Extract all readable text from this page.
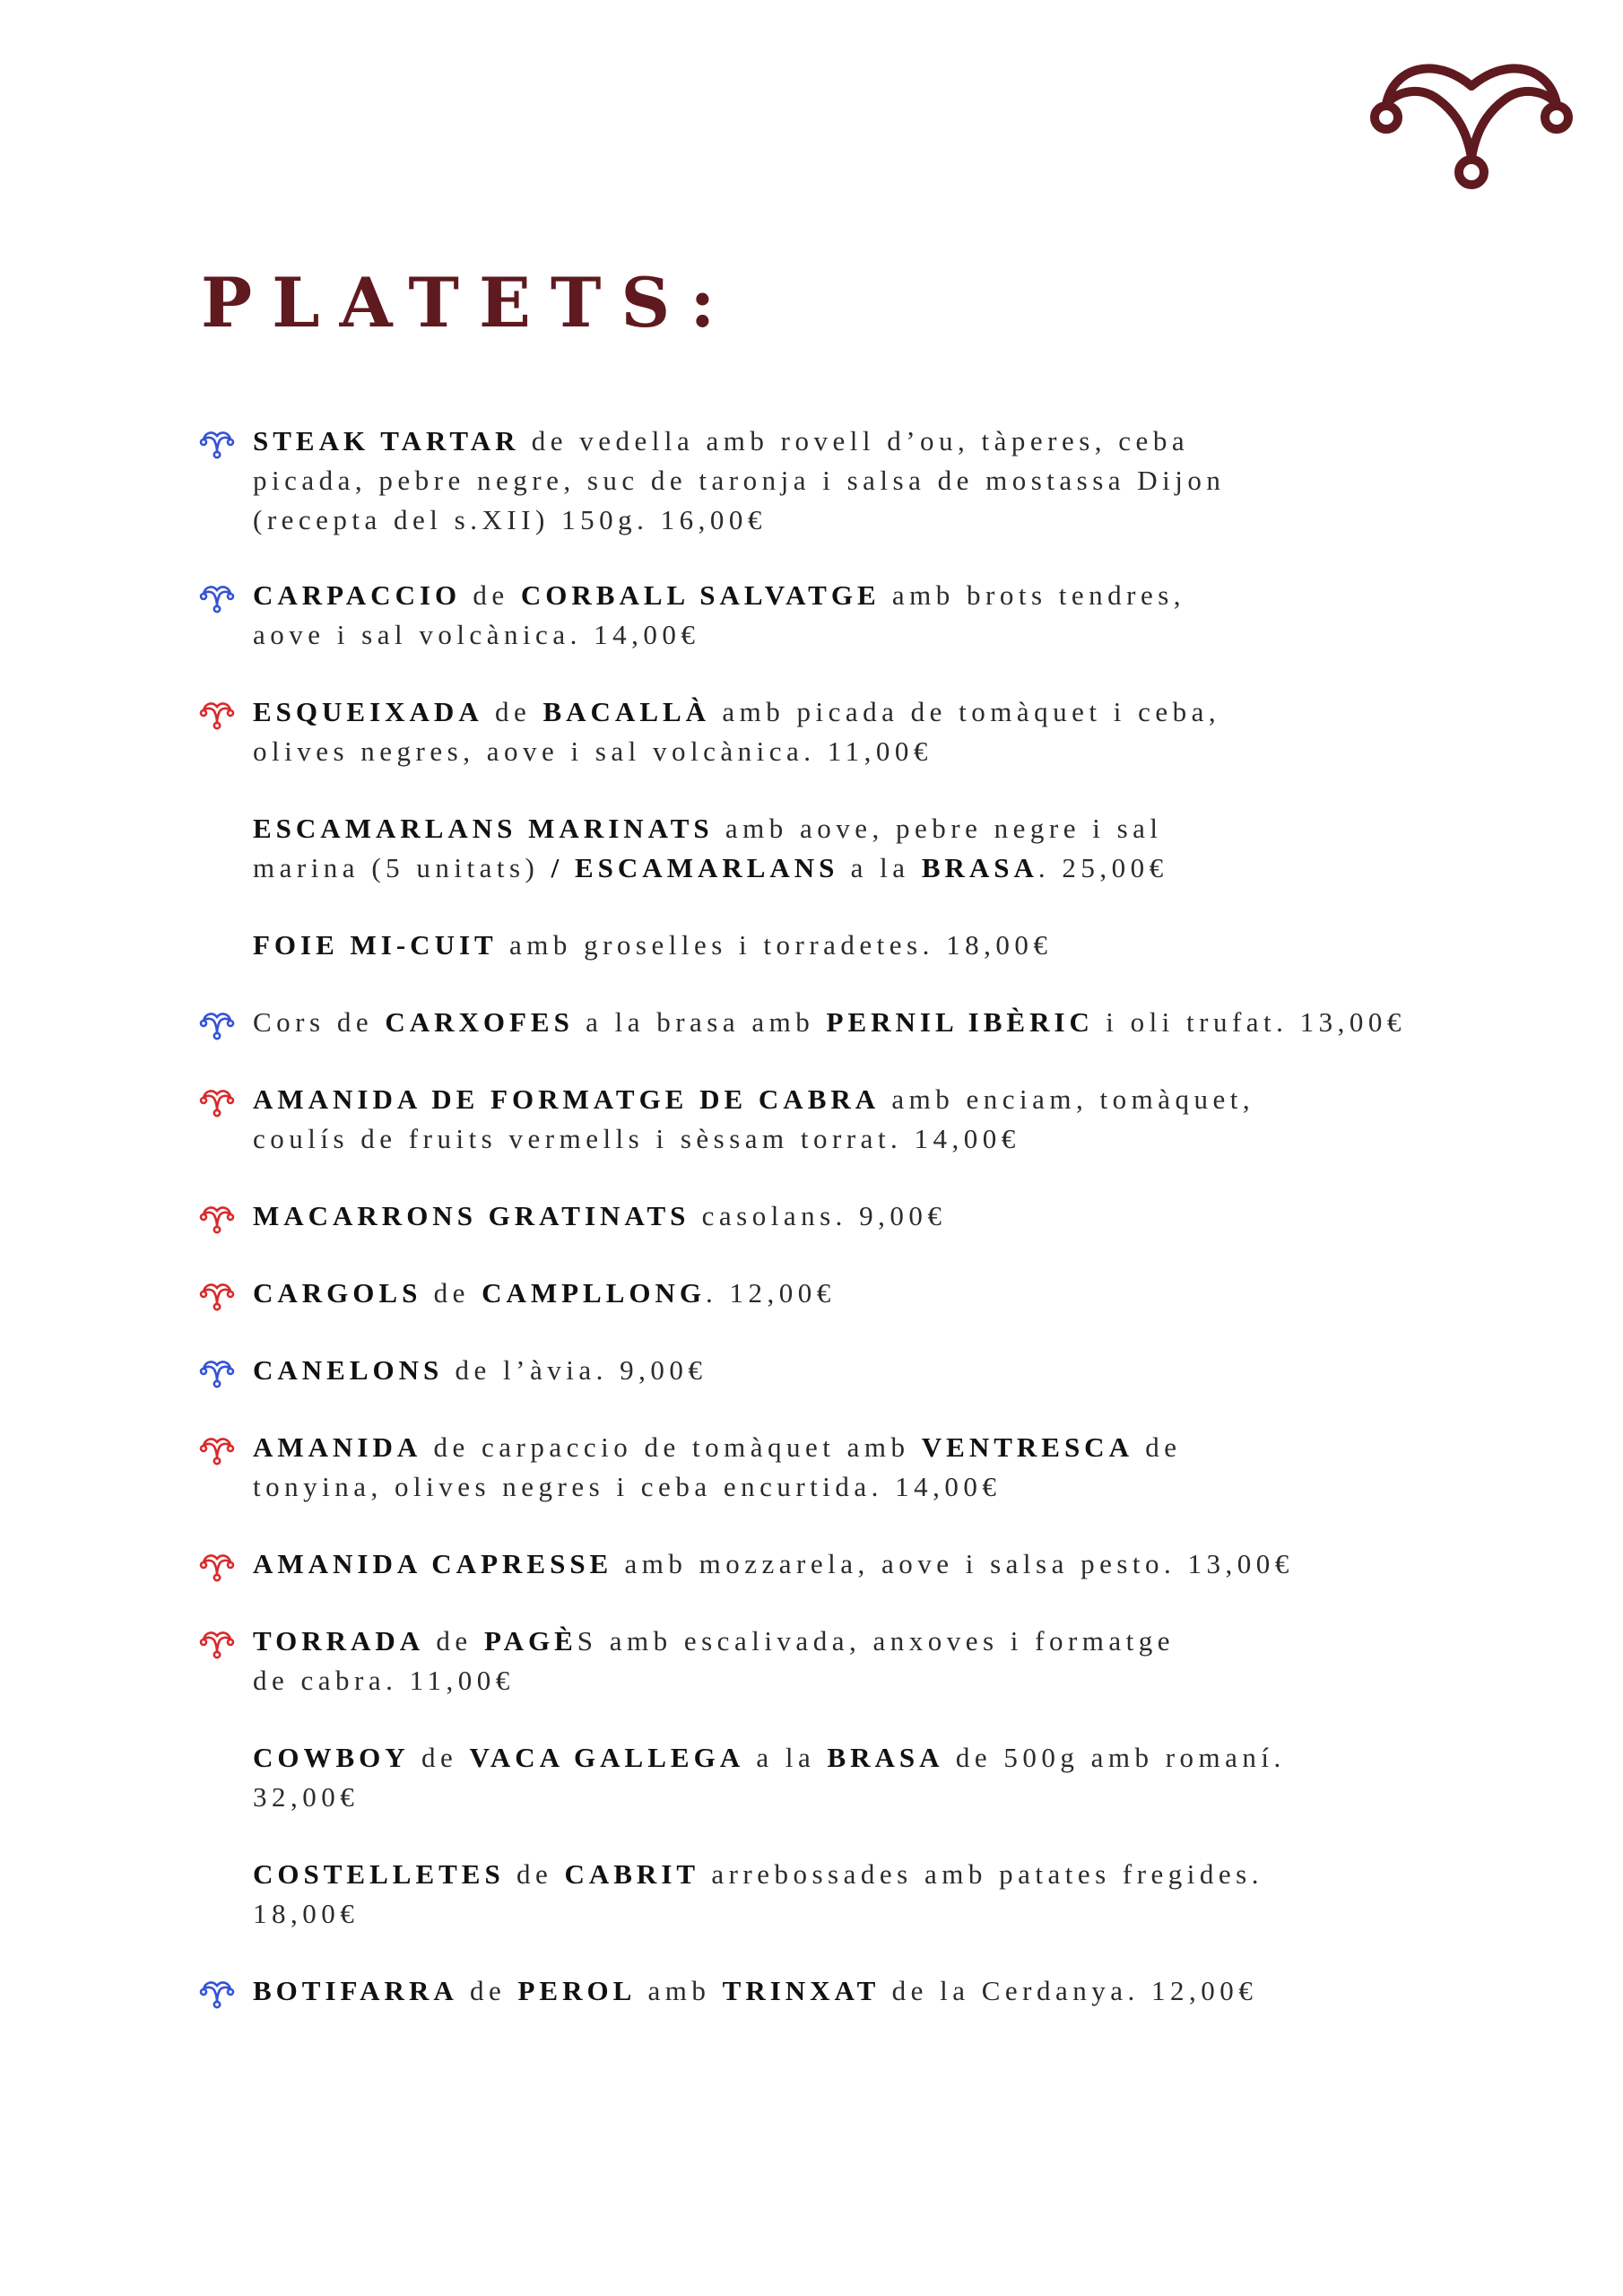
PLATETS:

STEAK TARTAR de vedella amb rovell d’ou, tàperes, ceba
picada, pebre negre, suc de taronja i salsa de mostassa Dijon
(recepta del s.XII) 150g. 16,00€

CARPACCIO de CORBALL SALVATGE amb brots tendres,
aove i sal volcànica. 14,00€

ESQUEIXADA de BACALLÀ amb picada de tomàquet i ceba,
olives negres, aove i sal volcànica. 11,00€

ESCAMARLANS MARINATS amb aove, pebre negre i sal
marina (5 unitats) / ESCAMARLANS a la BRASA. 25,00€

FOIE MI-CUIT amb groselles i torradetes. 18,00€

Cors de CARXOFES a la brasa amb PERNIL IBÈRIC i oli trufat. 13,00€

AMANIDA DE FORMATGE DE CABRA amb enciam, tomàquet,
coulís de fruits vermells i sèssam torrat. 14,00€

MACARRONS GRATINATS casolans. 9,00€

CARGOLS de CAMPLLONG. 12,00€

CANELONS de l’àvia. 9,00€

AMANIDA de carpaccio de tomàquet amb VENTRESCA de
tonyina, olives negres i ceba encurtida. 14,00€

AMANIDA CAPRESSE amb mozzarela, aove i salsa pesto. 13,00€

TORRADA de PAGÈS amb escalivada, anxoves i formatge
de cabra. 11,00€

COWBOY de VACA GALLEGA a la BRASA de 500g amb romaní.
32,00€

COSTELLETES de CABRIT arrebossades amb patates fregides.
18,00€

BOTIFARRA de PEROL amb TRINXAT de la Cerdanya. 12,00€
